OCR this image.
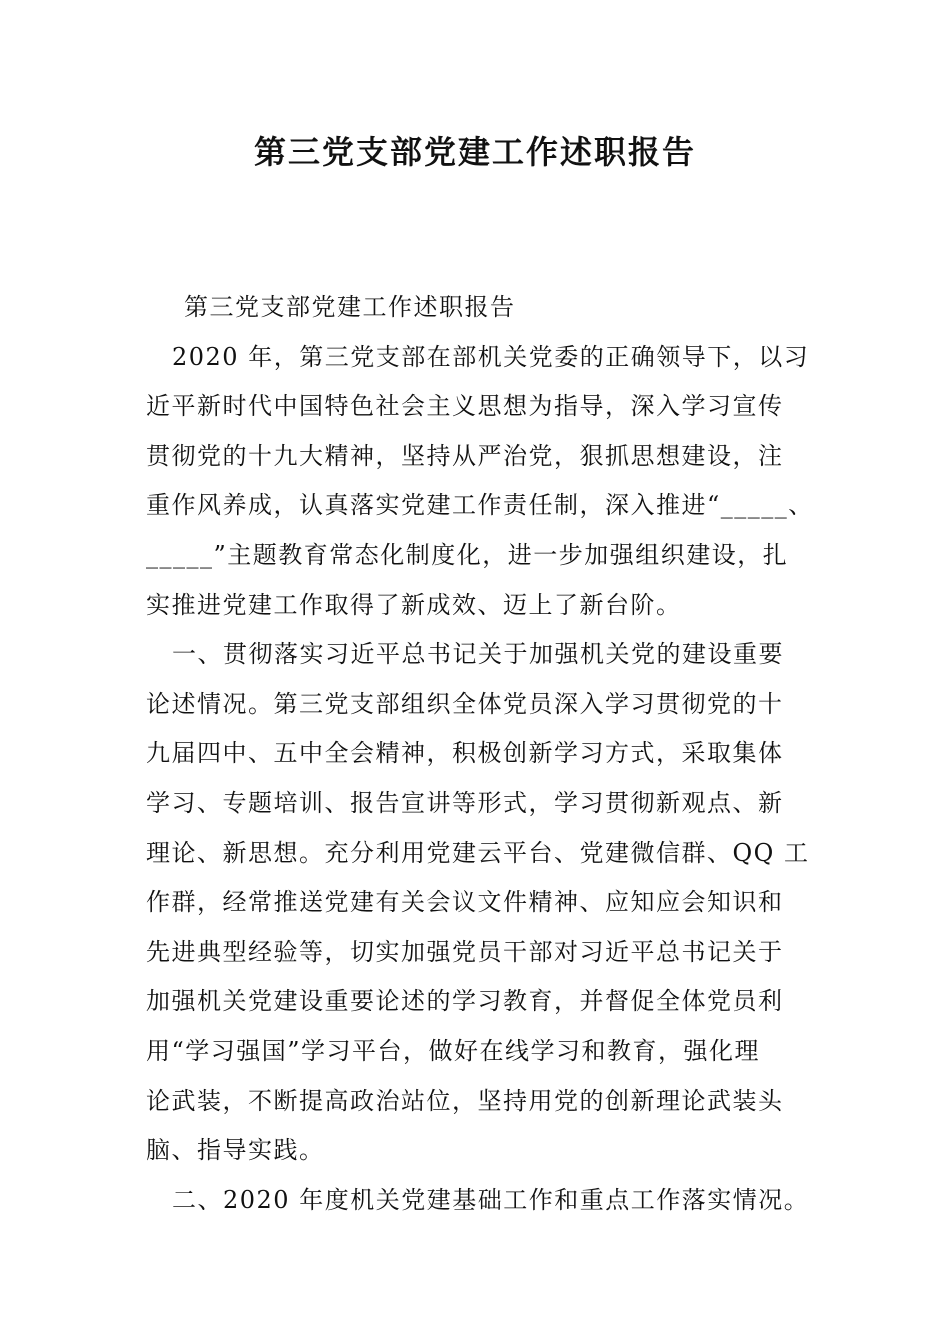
第三党支部党建工作述职报告
第三党支部党建工作述职报告
2020 年，第三党支部在部机关党委的正确领导下，以习
近平新时代中国特色社会主义思想为指导，深入学习宣传
贯彻党的十九大精神，坚持从严治党，狠抓思想建设，注
重作风养成，认真落实党建工作责任制，深入推进“_____、
_____”主题教育常态化制度化，进一步加强组织建设，扎
实推进党建工作取得了新成效、迈上了新台阶。
一、贯彻落实习近平总书记关于加强机关党的建设重要
论述情况。第三党支部组织全体党员深入学习贯彻党的十
九届四中、五中全会精神，积极创新学习方式，采取集体
学习、专题培训、报告宣讲等形式，学习贯彻新观点、新
理论、新思想。充分利用党建云平台、党建微信群、QQ 工
作群，经常推送党建有关会议文件精神、应知应会知识和
先进典型经验等，切实加强党员干部对习近平总书记关于
加强机关党建设重要论述的学习教育，并督促全体党员利
用“学习强国”学习平台，做好在线学习和教育，强化理
论武装，不断提高政治站位，坚持用党的创新理论武装头
脑、指导实践。
二、2020 年度机关党建基础工作和重点工作落实情况。
